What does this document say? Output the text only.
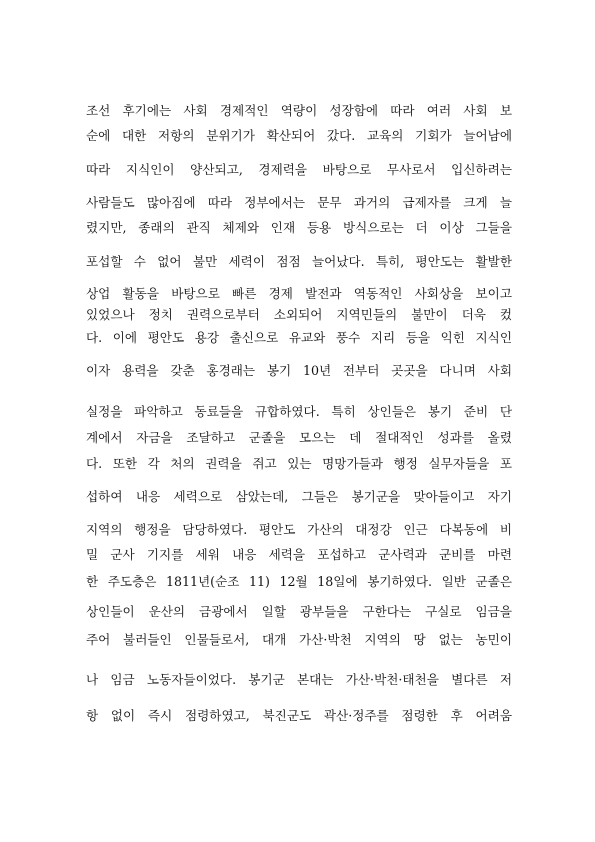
조선 후기에는 사회 경제적인 역량이 성장함에 따라 여러 사회 보
순에 대한 저항의 분위기가 확산되어 갔다. 교육의 기회가 늘어남에
따라 지식인이 양산되고, 경제력을 바탕으로 무사로서 입신하려는
사람들도 많아짐에 따라 정부에서는 문무 과거의 급제자를 크게 늘
렸지만, 종래의 관직 체제와 인재 등용 방식으로는 더 이상 그들을
포섭할 수 없어 불만 세력이 점점 늘어났다. 특히, 평안도는 활발한
상업 활동을 바탕으로 빠른 경제 발전과 역동적인 사회상을 보이고
있었으나 정치 권력으로부터 소외되어 지역민들의 불만이 더욱 컸
다. 이에 평안도 용강 출신으로 유교와 풍수 지리 등을 익힌 지식인
이자 용력을 갖춘 홍경래는 봉기 10년 전부터 곳곳을 다니며 사회
실정을 파악하고 동료들을 규합하였다. 특히 상인들은 봉기 준비 단
계에서 자금을 조달하고 군졸을 모으는 데 절대적인 성과를 올렸
다. 또한 각 처의 권력을 쥐고 있는 명망가들과 행정 실무자들을 포
섭하여 내응 세력으로 삼았는데, 그들은 봉기군을 맞아들이고 자기
지역의 행정을 담당하였다. 평안도 가산의 대정강 인근 다복동에 비
밀 군사 기지를 세워 내응 세력을 포섭하고 군사력과 군비를 마련
한 주도층은 1811년(순조 11) 12월 18일에 봉기하였다. 일반 군졸은
상인들이 운산의 금광에서 일할 광부들을 구한다는 구실로 임금을
주어 불러들인 인물들로서, 대개 가산·박천 지역의 땅 없는 농민이
나 임금 노동자들이었다. 봉기군 본대는 가산·박천·태천을 별다른 저
항 없이 즉시 점령하였고, 북진군도 곽산·정주를 점령한 후 어려움
